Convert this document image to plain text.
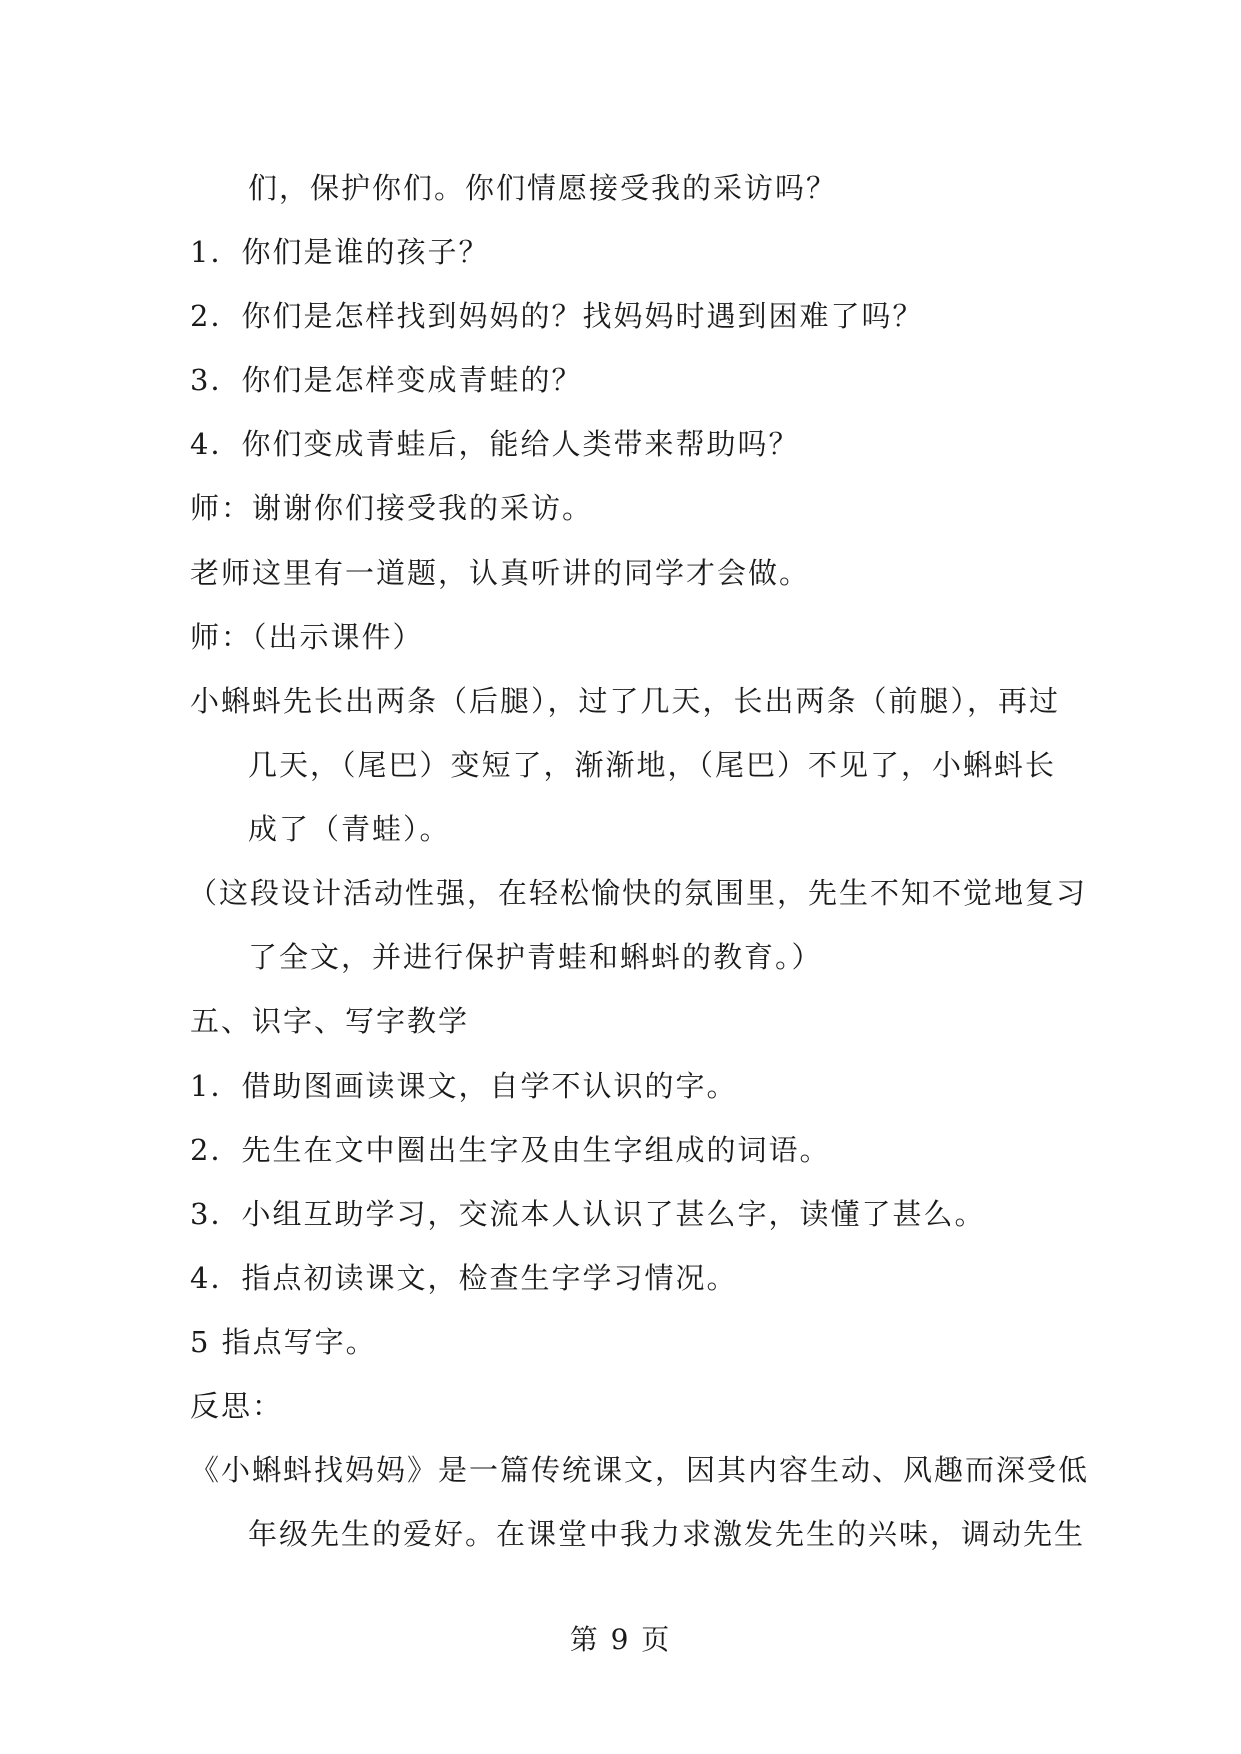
们，保护你们。你们情愿接受我的采访吗？
1．你们是谁的孩子？
2．你们是怎样找到妈妈的？找妈妈时遇到困难了吗？
3．你们是怎样变成青蛙的？
4．你们变成青蛙后，能给人类带来帮助吗？
师：谢谢你们接受我的采访。
老师这里有一道题，认真听讲的同学才会做。
师：（出示课件）
小蝌蚪先长出两条（后腿），过了几天，长出两条（前腿），再过
几天，（尾巴）变短了，渐渐地，（尾巴）不见了，小蝌蚪长
成了（青蛙）。
（这段设计活动性强，在轻松愉快的氛围里，先生不知不觉地复习
了全文，并进行保护青蛙和蝌蚪的教育。）
五、识字、写字教学
1．借助图画读课文，自学不认识的字。
2．先生在文中圈出生字及由生字组成的词语。
3．小组互助学习，交流本人认识了甚么字，读懂了甚么。
4．指点初读课文，检查生字学习情况。
5 指点写字。
反思：
《小蝌蚪找妈妈》是一篇传统课文，因其内容生动、风趣而深受低
年级先生的爱好。在课堂中我力求激发先生的兴味，调动先生
第 9 页
